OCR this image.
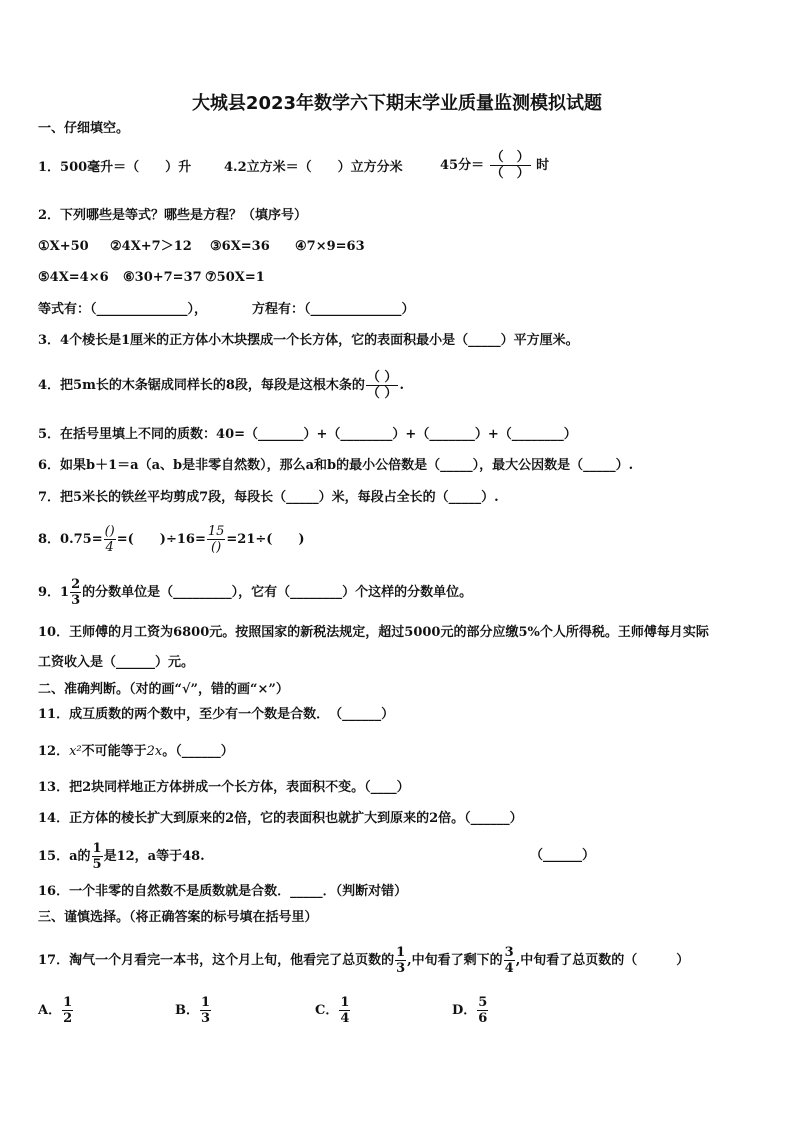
大城县2023年数学六下期末学业质量监测模拟试题
一、仔细填空。
1．500毫升＝（　　）升	4.2立方米＝（　　）立方分米	45分＝ $\frac{( )}{( )}$ 时
2．下列哪些是等式？哪些是方程？（填序号）
①X+50 ②4X+7＞12 ③6X=36 ④7×9=63
⑤4X=4×6 ⑥30+7=37 ⑦50X=1
等式有：（______________），	方程有：（______________）
3．4个棱长是1厘米的正方体小木块摆成一个长方体，它的表面积最小是（_____）平方厘米。
4．把5m长的木条锯成同样长的8段，每段是这根木条的 $\frac{( )}{( )}$ .
5．在括号里填上不同的质数：40=（_______）+（________）+（_______）+（________）
6．如果b＋1＝a（a、b是非零自然数），那么a和b的最小公倍数是（_____），最大公因数是（_____）.
7．把5米长的铁丝平均剪成7段，每段长（_____）米，每段占全长的（_____）.
8．$0.75= \frac{()}{4}$ =(　　)$\div 16= \frac{15}{()} =21\div$(　　)
9．$1 \frac{2}{3}$ 的分数单位是（_________），它有（________）个这样的分数单位。
10．王师傅的月工资为6800元。按照国家的新税法规定，超过5000元的部分应缴5%个人所得税。王师傅每月实际
工资收入是（______）元。
二、准确判断。（对的画“√”，错的画“×”）
11．成互质数的两个数中，至少有一个数是合数．　（______）
12．x²不可能等于2x。（______）
13．把2块同样地正方体拼成一个长方体，表面积不变。（____）
14．正方体的棱长扩大到原来的2倍，它的表面积也就扩大到原来的2倍。（______）
15．a的 $\frac{1}{5}$ 是12，a等于48.	（______）
16．一个非零的自然数不是质数就是合数．_____．（判断对错）
三、谨慎选择。（将正确答案的标号填在括号里）
17．淘气一个月看完一本书，这个月上旬，他看完了总页数的 $\frac{1}{3}$ ,中旬看了剩下的 $\frac{3}{4}$ ,中旬看了总页数的（　　　）
A． $\frac{1}{2}$	B． $\frac{1}{3}$	C． $\frac{1}{4}$	D． $\frac{5}{6}$
